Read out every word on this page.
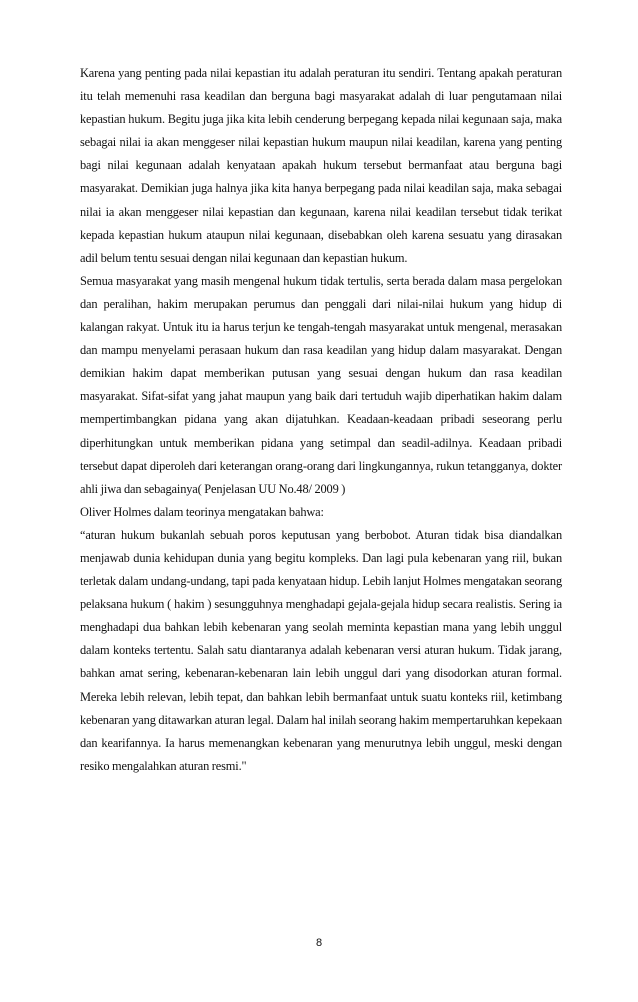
Karena yang penting pada nilai kepastian itu adalah peraturan itu sendiri. Tentang apakah peraturan itu telah memenuhi rasa keadilan dan berguna bagi masyarakat adalah di luar pengutamaan nilai kepastian hukum. Begitu juga jika kita lebih cenderung berpegang kepada nilai kegunaan saja, maka sebagai nilai ia akan menggeser nilai kepastian hukum maupun nilai keadilan, karena yang penting bagi nilai kegunaan adalah kenyataan apakah hukum tersebut bermanfaat atau berguna bagi masyarakat. Demikian juga halnya jika kita hanya berpegang pada nilai keadilan saja, maka sebagai nilai ia akan menggeser nilai kepastian dan kegunaan, karena nilai keadilan tersebut tidak terikat kepada kepastian hukum ataupun nilai kegunaan, disebabkan oleh karena sesuatu yang dirasakan adil belum tentu sesuai dengan nilai kegunaan dan kepastian hukum.

Semua masyarakat yang masih mengenal hukum tidak tertulis, serta berada dalam masa pergelokan dan peralihan, hakim merupakan perumus dan penggali dari nilai-nilai hukum yang hidup di kalangan rakyat. Untuk itu ia harus terjun ke tengah-tengah masyarakat untuk mengenal, merasakan dan mampu menyelami perasaan hukum dan rasa keadilan yang hidup dalam masyarakat. Dengan demikian hakim dapat memberikan putusan yang sesuai dengan hukum dan rasa keadilan masyarakat. Sifat-sifat yang jahat maupun yang baik dari tertuduh wajib diperhatikan hakim dalam mempertimbangkan pidana yang akan dijatuhkan. Keadaan-keadaan pribadi seseorang perlu diperhitungkan untuk memberikan pidana yang setimpal dan seadil-adilnya. Keadaan pribadi tersebut dapat diperoleh dari keterangan orang-orang dari lingkungannya, rukun tetangganya, dokter ahli jiwa dan sebagainya( Penjelasan UU No.48/ 2009 )

Oliver Holmes dalam teorinya mengatakan bahwa:

“aturan hukum bukanlah sebuah poros keputusan yang berbobot. Aturan tidak bisa diandalkan menjawab dunia kehidupan dunia yang begitu kompleks. Dan lagi pula kebenaran yang riil, bukan terletak dalam undang-undang, tapi pada kenyataan hidup. Lebih lanjut Holmes mengatakan seorang pelaksana hukum ( hakim ) sesungguhnya menghadapi gejala-gejala hidup secara realistis. Sering ia menghadapi dua bahkan lebih kebenaran yang seolah meminta kepastian mana yang lebih unggul dalam konteks tertentu. Salah satu diantaranya adalah kebenaran versi aturan hukum. Tidak jarang, bahkan amat sering, kebenaran-kebenaran lain lebih unggul dari yang disodorkan aturan formal. Mereka lebih relevan, lebih tepat, dan bahkan lebih bermanfaat untuk suatu konteks riil, ketimbang kebenaran yang ditawarkan aturan legal. Dalam hal inilah seorang hakim mempertaruhkan kepekaan dan kearifannya. Ia harus memenangkan kebenaran yang menurutnya lebih unggul, meski dengan resiko mengalahkan aturan resmi."

8
